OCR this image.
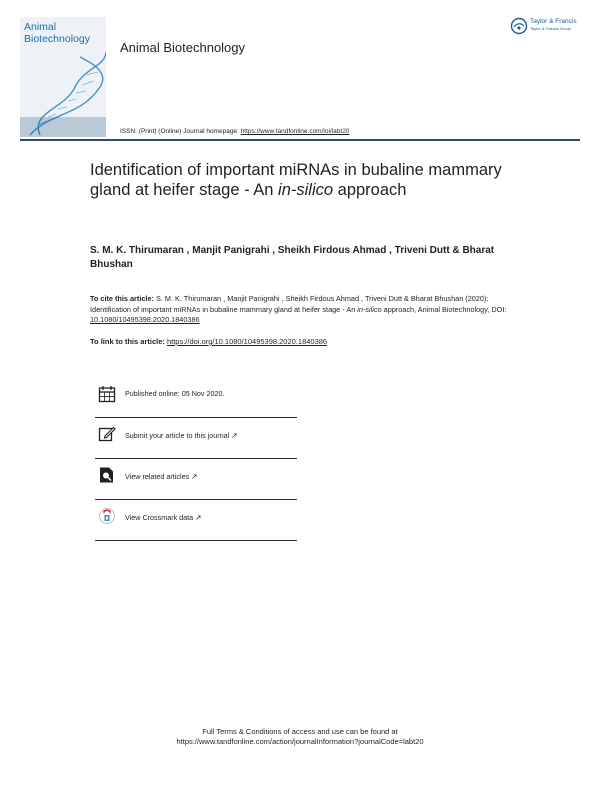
Animal
Biotechnology
Animal Biotechnology
Taylor & Francis
Taylor & Francis Group
ISSN: (Print) (Online) Journal homepage: https://www.tandfonline.com/loi/labt20
Identification of important miRNAs in bubaline mammary gland at heifer stage - An in-silico approach
S. M. K. Thirumaran , Manjit Panigrahi , Sheikh Firdous Ahmad , Triveni Dutt & Bharat Bhushan
To cite this article: S. M. K. Thirumaran , Manjit Panigrahi , Sheikh Firdous Ahmad , Triveni Dutt & Bharat Bhushan (2020): Identification of important miRNAs in bubaline mammary gland at heifer stage - An in-silico approach, Animal Biotechnology, DOI: 10.1080/10495398.2020.1840386
To link to this article: https://doi.org/10.1080/10495398.2020.1840386
Published online: 05 Nov 2020.
Submit your article to this journal ↗
View related articles ↗
View Crossmark data ↗
Full Terms & Conditions of access and use can be found at
https://www.tandfonline.com/action/journalInformation?journalCode=labt20
